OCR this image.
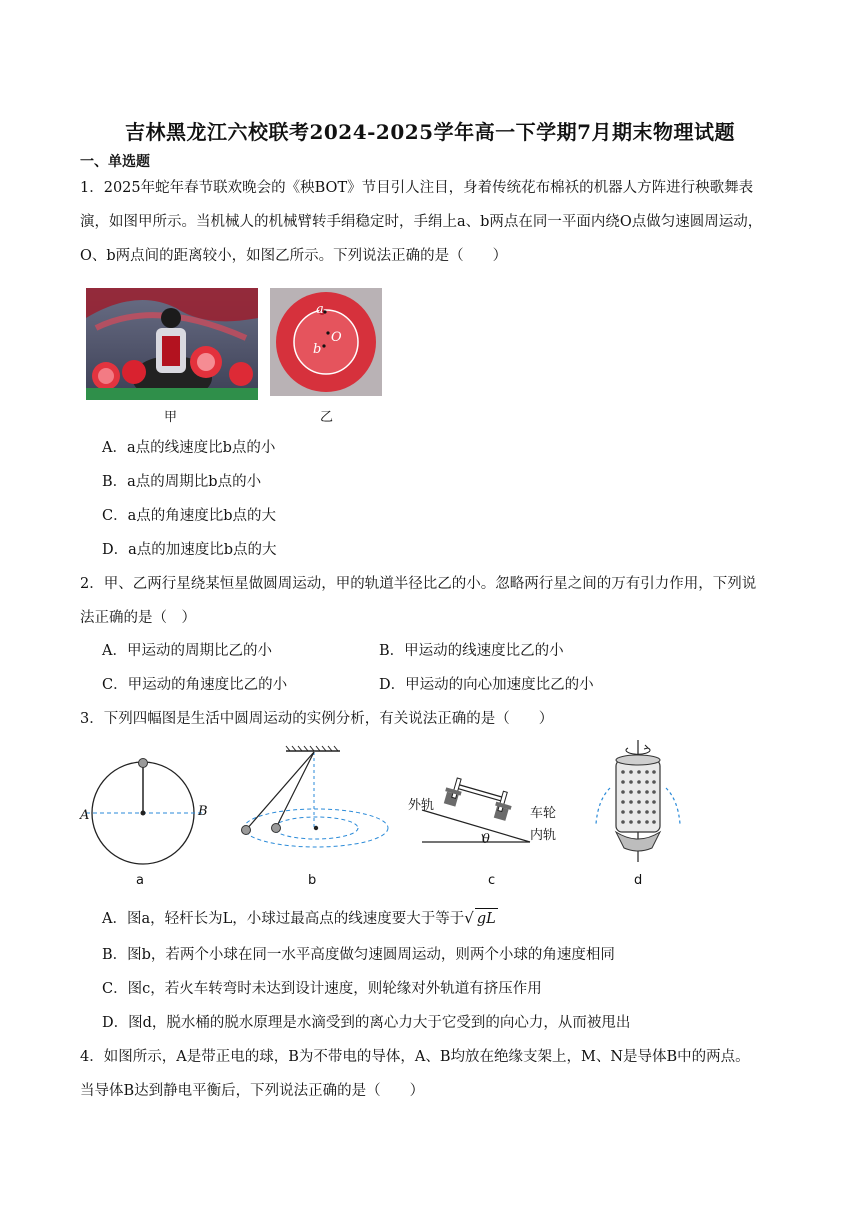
吉林黑龙江六校联考2024-2025学年高一下学期7月期末物理试题
一、单选题
1．2025年蛇年春节联欢晚会的《秧BOT》节目引人注目，身着传统花布棉袄的机器人方阵进行秧歌舞表
演，如图甲所示。当机械人的机械臂转手绢稳定时，手绢上a、b两点在同一平面内绕O点做匀速圆周运动，
O、b两点间的距离较小，如图乙所示。下列说法正确的是（　　）
a
O
b
甲	乙
A．a点的线速度比b点的小
B．a点的周期比b点的小
C．a点的角速度比b点的大
D．a点的加速度比b点的大
2．甲、乙两行星绕某恒星做圆周运动，甲的轨道半径比乙的小。忽略两行星之间的万有引力作用，下列说
法正确的是（　）
A．甲运动的周期比乙的小	B．甲运动的线速度比乙的小
C．甲运动的角速度比乙的小	D．甲运动的向心加速度比乙的小
3．下列四幅图是生活中圆周运动的实例分析，有关说法正确的是（　　）
A	B
a	b
外轨
车轮
内轨
θ
c	d
A．图a，轻杆长为L，小球过最高点的线速度要大于等于√ gL
B．图b，若两个小球在同一水平高度做匀速圆周运动，则两个小球的角速度相同
C．图c，若火车转弯时未达到设计速度，则轮缘对外轨道有挤压作用
D．图d，脱水桶的脱水原理是水滴受到的离心力大于它受到的向心力，从而被甩出
4．如图所示，A是带正电的球，B为不带电的导体，A、B均放在绝缘支架上，M、N是导体B中的两点。
当导体B达到静电平衡后，下列说法正确的是（　　）
